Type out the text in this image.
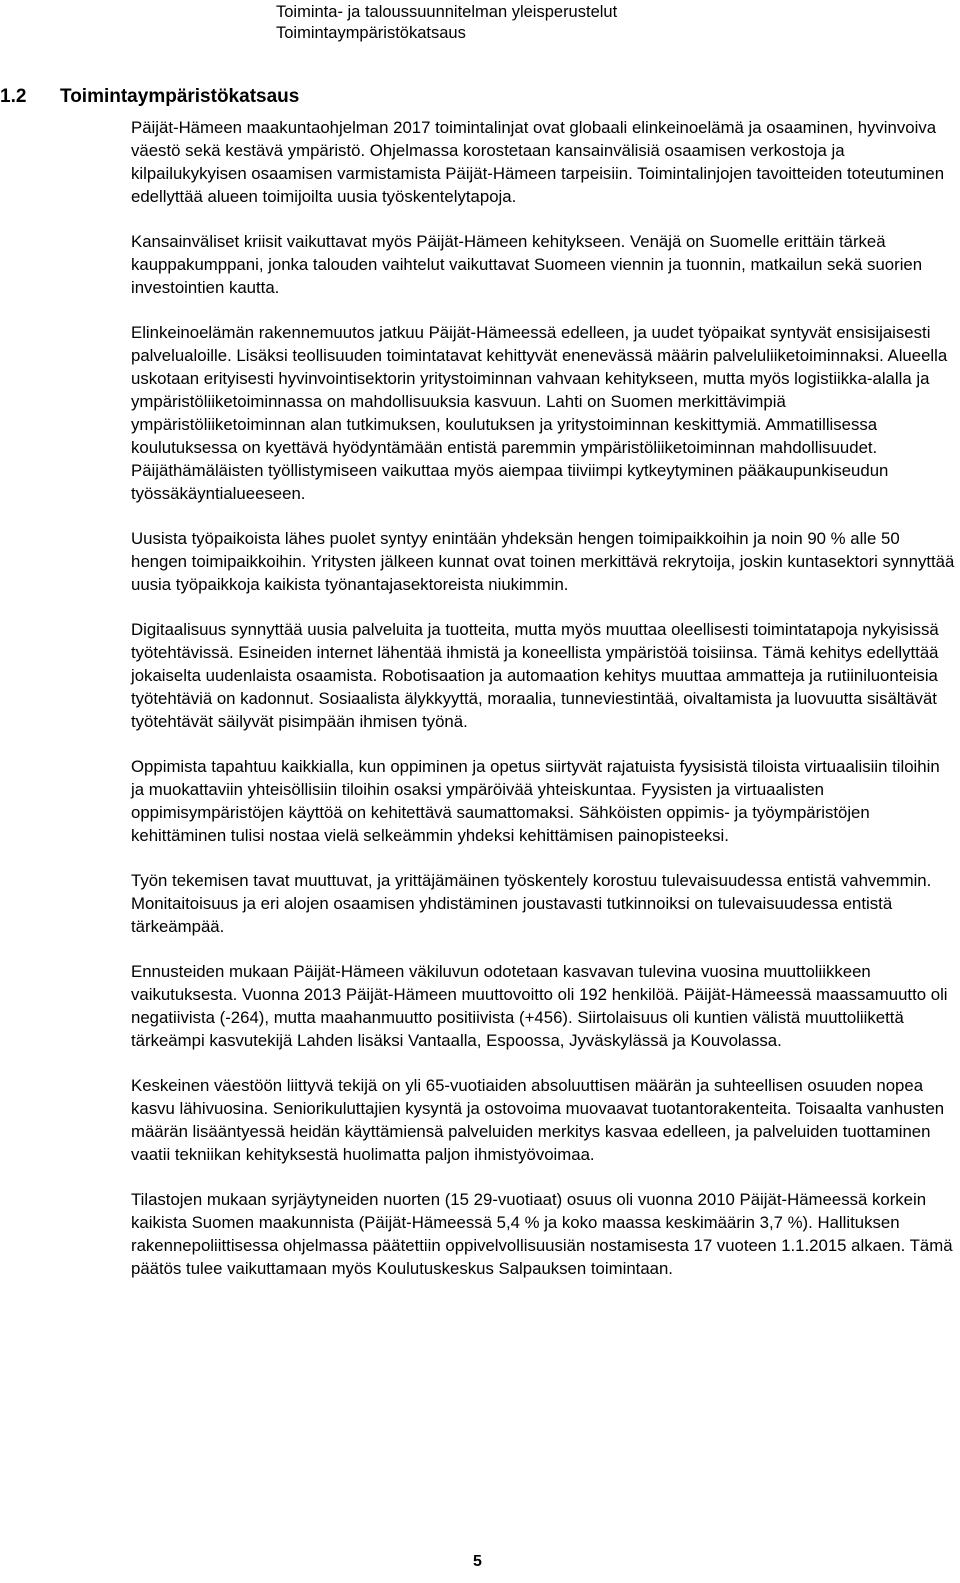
Toiminta- ja taloussuunnitelman yleisperustelut
Toimintaympäristökatsaus
1.2 Toimintaympäristökatsaus

Päijät-Hämeen maakuntaohjelman 2017 toimintalinjat ovat globaali elinkeinoelämä ja osaaminen, hyvinvoiva väestö sekä kestävä ympäristö. Ohjelmassa korostetaan kansainvälisiä osaamisen verkostoja ja kilpailukykyisen osaamisen varmistamista Päijät-Hämeen tarpeisiin. Toimintalinjojen tavoitteiden toteutuminen edellyttää alueen toimijoilta uusia työskentelytapoja.

Kansainväliset kriisit vaikuttavat myös Päijät-Hämeen kehitykseen. Venäjä on Suomelle erittäin tärkeä kauppakumppani, jonka talouden vaihtelut vaikuttavat Suomeen viennin ja tuonnin, matkailun sekä suorien investointien kautta.

Elinkeinoelämän rakennemuutos jatkuu Päijät-Hämeessä edelleen, ja uudet työpaikat syntyvät ensisijaisesti palvelualoille. Lisäksi teollisuuden toimintatavat kehittyvät enenevässä määrin palveluliiketoiminnaksi. Alueella uskotaan erityisesti hyvinvointisektorin yritystoiminnan vahvaan kehitykseen, mutta myös logistiikka-alalla ja ympäristöliiketoiminnassa on mahdollisuuksia kasvuun. Lahti on Suomen merkittävimpiä ympäristöliiketoiminnan alan tutkimuksen, koulutuksen ja yritystoiminnan keskittymiä. Ammatillisessa koulutuksessa on kyettävä hyödyntämään entistä paremmin ympäristöliiketoiminnan mahdollisuudet. Päijäthämäläisten työllistymiseen vaikuttaa myös aiempaa tiiviimpi kytkeytyminen pääkaupunkiseudun työssäkäyntialueeseen.

Uusista työpaikoista lähes puolet syntyy enintään yhdeksän hengen toimipaikkoihin ja noin 90 % alle 50 hengen toimipaikkoihin. Yritysten jälkeen kunnat ovat toinen merkittävä rekrytoija, joskin kuntasektori synnyttää uusia työpaikkoja kaikista työnantajasektoreista niukimmin.

Digitaalisuus synnyttää uusia palveluita ja tuotteita, mutta myös muuttaa oleellisesti toimintatapoja nykyisissä työtehtävissä. Esineiden internet lähentää ihmistä ja koneellista ympäristöä toisiinsa. Tämä kehitys edellyttää jokaiselta uudenlaista osaamista. Robotisaation ja automaation kehitys muuttaa ammatteja ja rutiiniluonteisia työtehtäviä on kadonnut. Sosiaalista älykkyyttä, moraalia, tunneviestintää, oivaltamista ja luovuutta sisältävät työtehtävät säilyvät pisimpään ihmisen työnä.

Oppimista tapahtuu kaikkialla, kun oppiminen ja opetus siirtyvät rajatuista fyysisistä tiloista virtuaalisiin tiloihin ja muokattaviin yhteisöllisiin tiloihin osaksi ympäröivää yhteiskuntaa. Fyysisten ja virtuaalisten oppimisympäristöjen käyttöä on kehitettävä saumattomaksi. Sähköisten oppimis- ja työympäristöjen kehittäminen tulisi nostaa vielä selkeämmin yhdeksi kehittämisen painopisteeksi.

Työn tekemisen tavat muuttuvat, ja yrittäjämäinen työskentely korostuu tulevaisuudessa entistä vahvemmin. Monitaitoisuus ja eri alojen osaamisen yhdistäminen joustavasti tutkinnoiksi on tulevaisuudessa entistä tärkeämpää.

Ennusteiden mukaan Päijät-Hämeen väkiluvun odotetaan kasvavan tulevina vuosina muuttoliikkeen vaikutuksesta. Vuonna 2013 Päijät-Hämeen muuttovoitto oli 192 henkilöä. Päijät-Hämeessä maassamuutto oli negatiivista (-264), mutta maahanmuutto positiivista (+456). Siirtolaisuus oli kuntien välistä muuttoliikettä tärkeämpi kasvutekijä Lahden lisäksi Vantaalla, Espoossa, Jyväskylässä ja Kouvolassa.

Keskeinen väestöön liittyvä tekijä on yli 65-vuotiaiden absoluuttisen määrän ja suhteellisen osuuden nopea kasvu lähivuosina. Seniorikuluttajien kysyntä ja ostovoima muovaavat tuotantorakenteita. Toisaalta vanhusten määrän lisääntyessä heidän käyttämiensä palveluiden merkitys kasvaa edelleen, ja palveluiden tuottaminen vaatii tekniikan kehityksestä huolimatta paljon ihmistyövoimaa.

Tilastojen mukaan syrjäytyneiden nuorten (15 29-vuotiaat) osuus oli vuonna 2010 Päijät-Hämeessä korkein kaikista Suomen maakunnista (Päijät-Hämeessä 5,4 % ja koko maassa keskimäärin 3,7 %). Hallituksen rakennepoliittisessa ohjelmassa päätettiin oppivelvollisuusiän nostamisesta 17 vuoteen 1.1.2015 alkaen. Tämä päätös tulee vaikuttamaan myös Koulutuskeskus Salpauksen toimintaan.

5
